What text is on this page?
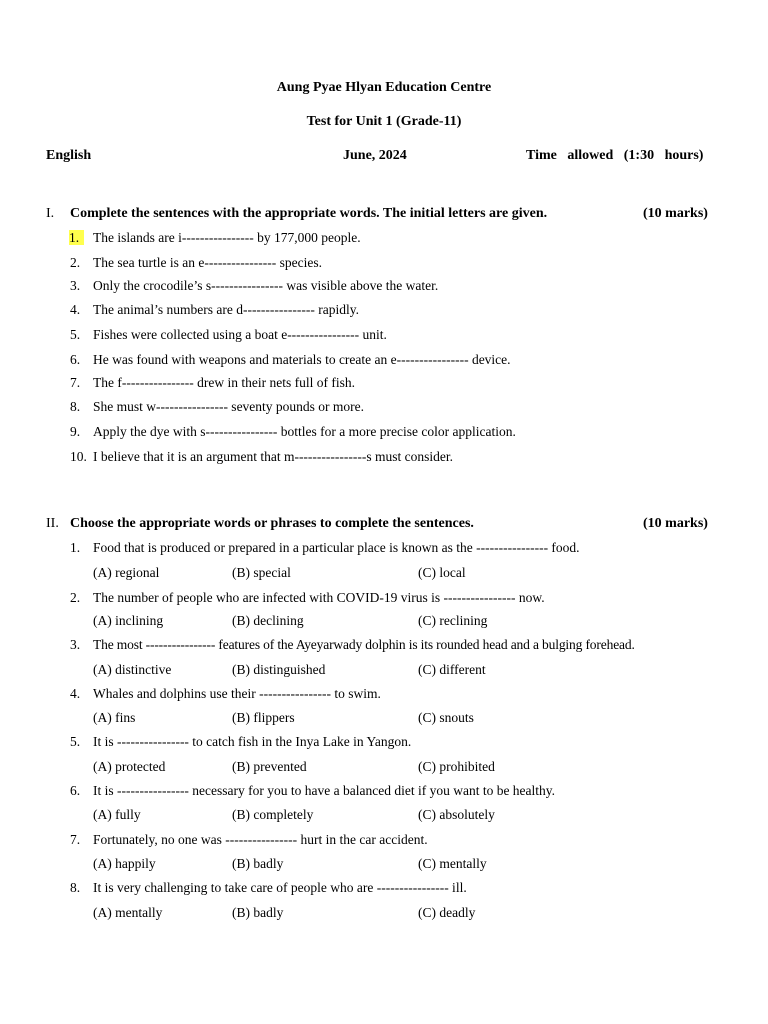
Aung Pyae Hlyan Education Centre
Test for Unit 1 (Grade-11)
English	June, 2024	Time   allowed   (1:30   hours)
I. Complete the sentences with the appropriate words. The initial letters are given.	(10 marks)
1.	The islands are i---------------- by 177,000 people.
2. The sea turtle is an e---------------- species.
3. Only the crocodile’s s---------------- was visible above the water.
4. The animal’s numbers are d---------------- rapidly.
5. Fishes were collected using a boat e---------------- unit.
6. He was found with weapons and materials to create an e---------------- device.
7. The f---------------- drew in their nets full of fish.
8. She must w---------------- seventy pounds or more.
9. Apply the dye with s---------------- bottles for a more precise color application.
10. I believe that it is an argument that m----------------s must consider.
II. Choose the appropriate words or phrases to complete the sentences.	(10 marks)
1. Food that is produced or prepared in a particular place is known as the ---------------- food.
(A) regional	(B) special	(C) local
2. The number of people who are infected with COVID-19 virus is ---------------- now.
(A) inclining	(B) declining	(C) reclining
3. The most ---------------- features of the Ayeyarwady dolphin is its rounded head and a bulging forehead.
(A) distinctive	(B) distinguished	(C) different
4. Whales and dolphins use their ---------------- to swim.
(A) fins	(B) flippers	(C) snouts
5. It is ---------------- to catch fish in the Inya Lake in Yangon.
(A) protected	(B) prevented	(C) prohibited
6. It is ---------------- necessary for you to have a balanced diet if you want to be healthy.
(A) fully	(B) completely	(C) absolutely
7. Fortunately, no one was ---------------- hurt in the car accident.
(A) happily	(B) badly	(C) mentally
8. It is very challenging to take care of people who are ---------------- ill.
(A) mentally	(B) badly	(C) deadly
